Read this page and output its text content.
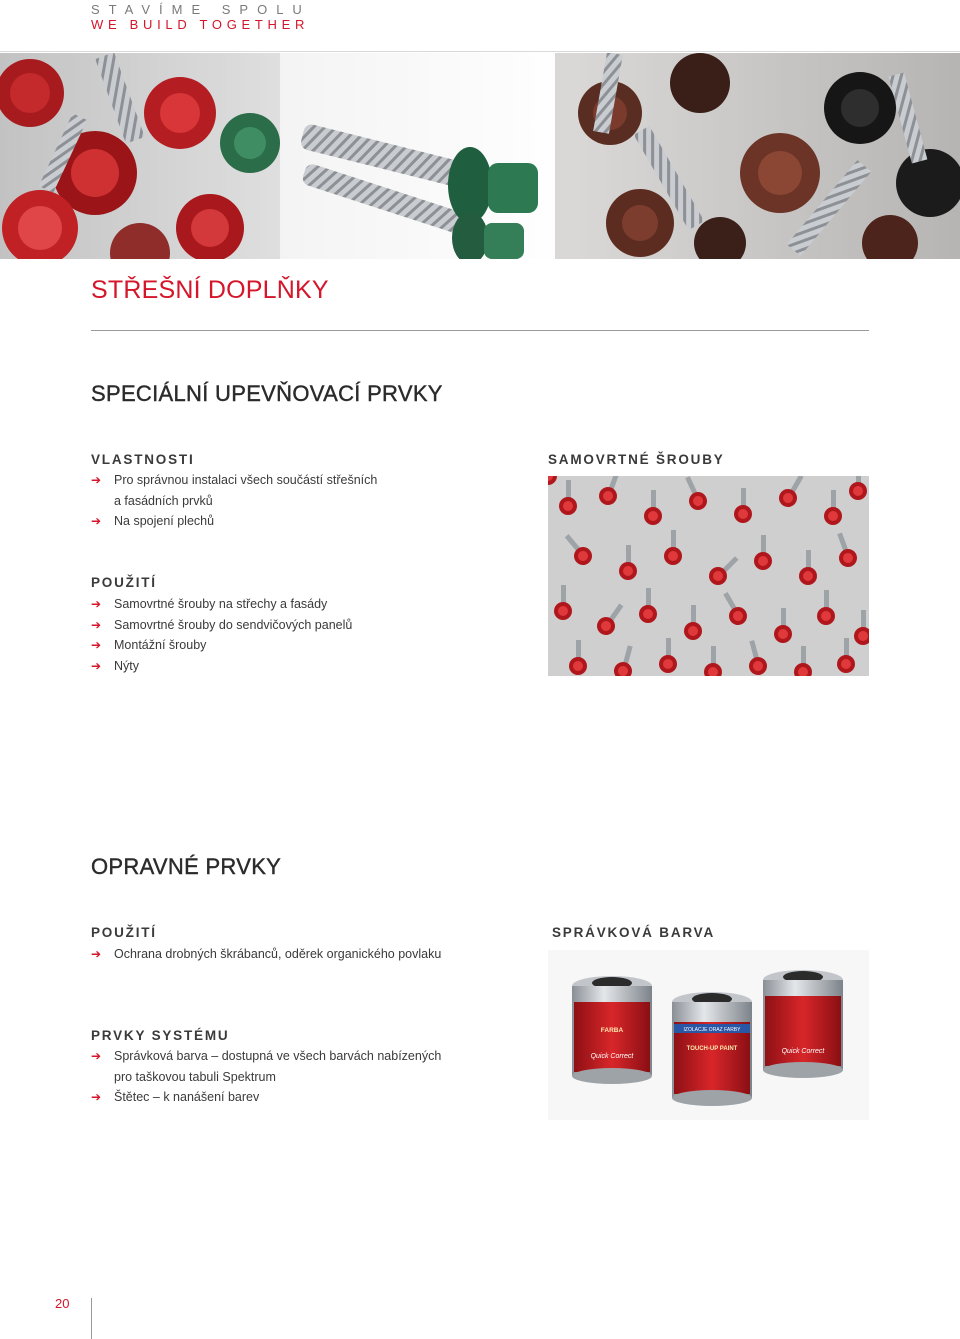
STAVÍME SPOLU
WE BUILD TOGETHER
STŘEŠNÍ DOPLŇKY
SPECIÁLNÍ UPEVŇOVACÍ PRVKY
VLASTNOSTI
➔ Pro správnou instalaci všech součástí střešních
a fasádních prvků
➔ Na spojení plechů
POUŽITÍ
➔ Samovrtné šrouby na střechy a fasády
➔ Samovrtné šrouby do sendvičových panelů
➔ Montážní šrouby
➔ Nýty
SAMOVRTNÉ ŠROUBY
OPRAVNÉ PRVKY
POUŽITÍ
➔ Ochrana drobných škrábanců, oděrek organického povlaku
PRVKY SYSTÉMU
➔ Správková barva – dostupná ve všech barvách nabízených
pro taškovou tabuli Spektrum
➔ Štětec – k nanášení barev
SPRÁVKOVÁ BARVA
FARBA
Quick Correct
IZOLACJE ORAZ FARBY
TOUCH-UP PAINT	Quick Correct
20
